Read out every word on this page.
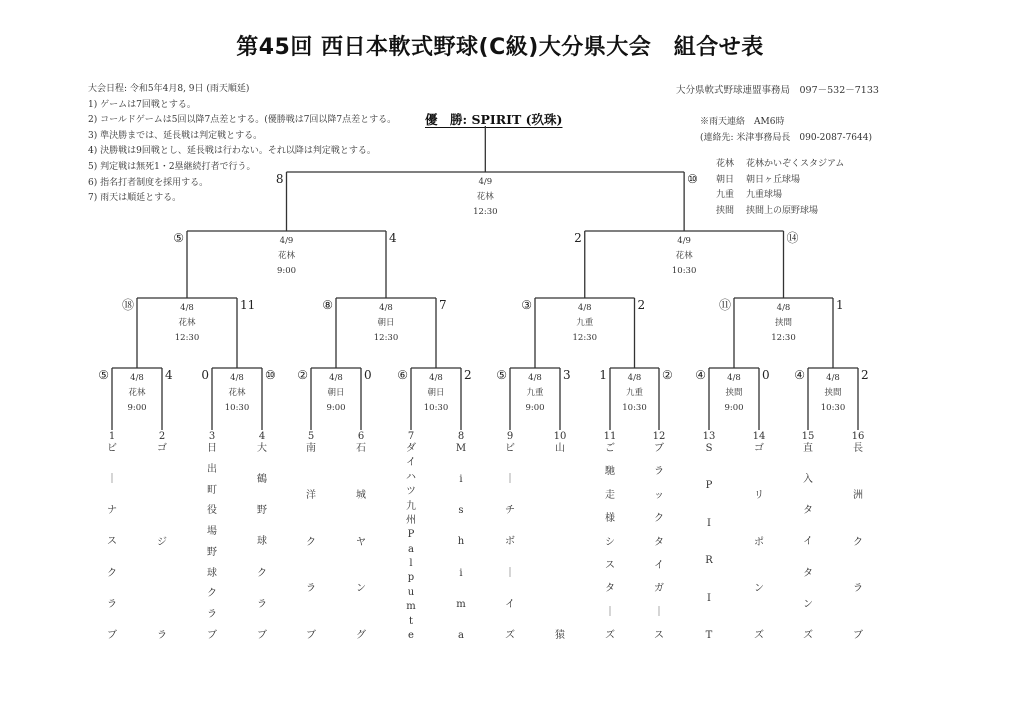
第45回 西日本軟式野球(C級)大分県大会　組合せ表
大会日程: 令和5年4月8, 9日 (雨天順延)
1) ゲームは7回戦とする。
2) コールドゲームは5回以降7点差とする。(優勝戦は7回以降7点差とする。
3) 準決勝までは、延長戦は判定戦とする。
4) 決勝戦は9回戦とし、延長戦は行わない。それ以降は判定戦とする。
5) 判定戦は無死1・2塁継続打者で行う。
6) 指名打者制度を採用する。
7) 雨天は順延とする。
優　勝: SPIRIT (玖珠)
大分県軟式野球連盟事務局　097－532－7133
※雨天連絡　AM6時
(連絡先: 米津事務局長　090-2087-7644)
花林 花林かいぞくスタジアム
朝日 朝日ヶ丘球場
九重 九重球場
挟間 挟間上の原野球場
4/8
花林
9:00
⑤	4	4/8
花林
10:30
0	⑩	4/8
朝日
9:00
②	0	4/8
朝日
10:30
⑥	2	4/8
九重
9:00
⑤	3	4/8
九重
10:30
1	②	4/8
挟間
9:00
④	0	4/8
挟間
10:30
④	2
4/8
花林
12:30
⑱	11	4/8
朝日
12:30
⑧	7	4/8
九重
12:30
③	2	4/8
挟間
12:30
⑪	1
4/9
花林
9:00
⑤	4	4/9
花林
10:30
2	⑭
4/9
花林
12:30
8	⑩
1
ビ
｜
ナ
ス
ク
ラ
ブ
2
ゴ
ジ
ラ
3
日
出
町
役
場
野
球
ク
ラ
ブ
4
大
鶴
野
球
ク
ラ
ブ
5
南
洋
ク
ラ
ブ
6
石
城
ヤ
ン
グ
7
ダ
イ
ハ
ツ
九
州
P
a
l
p
u
m
t
e
8
M
i
s
h
i
m
a
9
ビ
｜
チ
ボ
｜
イ
ズ
10
山
猿
11
ご
馳
走
様
シ
ス
タ
｜
ズ
12
ブ
ラ
ッ
ク
タ
イ
ガ
｜
ス
13
S
P
I
R
I
T
14
ゴ
リ
ポ
ン
ズ
15
直
入
タ
イ
タ
ン
ズ
16
長
洲
ク
ラ
ブ
